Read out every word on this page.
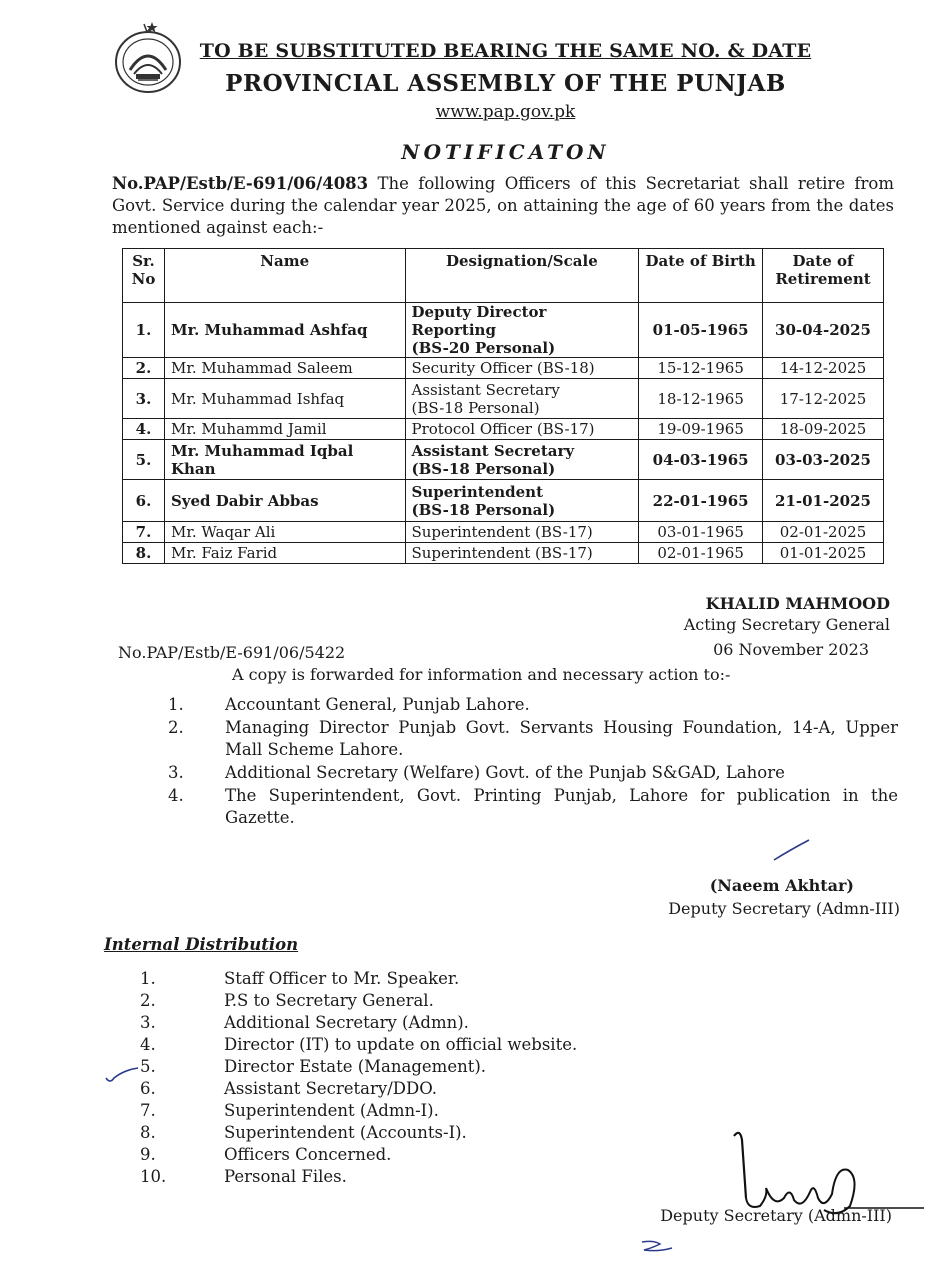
TO BE SUBSTITUTED BEARING THE SAME NO. & DATE
PROVINCIAL ASSEMBLY OF THE PUNJAB
www.pap.gov.pk
NOTIFICATON
No.PAP/Estb/E-691/06/4083 The following Officers of this Secretariat shall retire from Govt. Service during the calendar year 2025, on attaining the age of 60 years from the dates mentioned against each:-
Sr.
No	Name	Designation/Scale	Date of Birth	Date of
Retirement
1.	Mr. Muhammad Ashfaq	Deputy Director Reporting
(BS-20 Personal)	01-05-1965	30-04-2025
2.	Mr. Muhammad Saleem	Security Officer (BS-18)	15-12-1965	14-12-2025
3.	Mr. Muhammad Ishfaq	Assistant Secretary
(BS-18 Personal)	18-12-1965	17-12-2025
4.	Mr. Muhammd Jamil	Protocol Officer (BS-17)	19-09-1965	18-09-2025
5.	Mr. Muhammad Iqbal Khan	Assistant Secretary
(BS-18 Personal)	04-03-1965	03-03-2025
6.	Syed Dabir Abbas	Superintendent
(BS-18 Personal)	22-01-1965	21-01-2025
7.	Mr. Waqar Ali	Superintendent (BS-17)	03-01-1965	02-01-2025
8.	Mr. Faiz Farid	Superintendent (BS-17)	02-01-1965	01-01-2025
KHALID MAHMOOD
Acting Secretary General
No.PAP/Estb/E-691/06/5422	06 November 2023
A copy is forwarded for information and necessary action to:-
1.	Accountant General, Punjab Lahore.
2.	Managing Director Punjab Govt. Servants Housing Foundation, 14-A, Upper Mall Scheme Lahore.
3.	Additional Secretary (Welfare) Govt. of the Punjab S&GAD, Lahore
4.	The Superintendent, Govt. Printing Punjab, Lahore for publication in the Gazette.
(Naeem Akhtar)
Deputy Secretary (Admn-III)
Internal Distribution
1.	Staff Officer to Mr. Speaker.
2.	P.S to Secretary General.
3.	Additional Secretary (Admn).
4.	Director (IT) to update on official website.
5.	Director Estate (Management).
6.	Assistant Secretary/DDO.
7.	Superintendent (Admn-I).
8.	Superintendent (Accounts-I).
9.	Officers Concerned.
10.	Personal Files.
Deputy Secretary (Admn-III)
